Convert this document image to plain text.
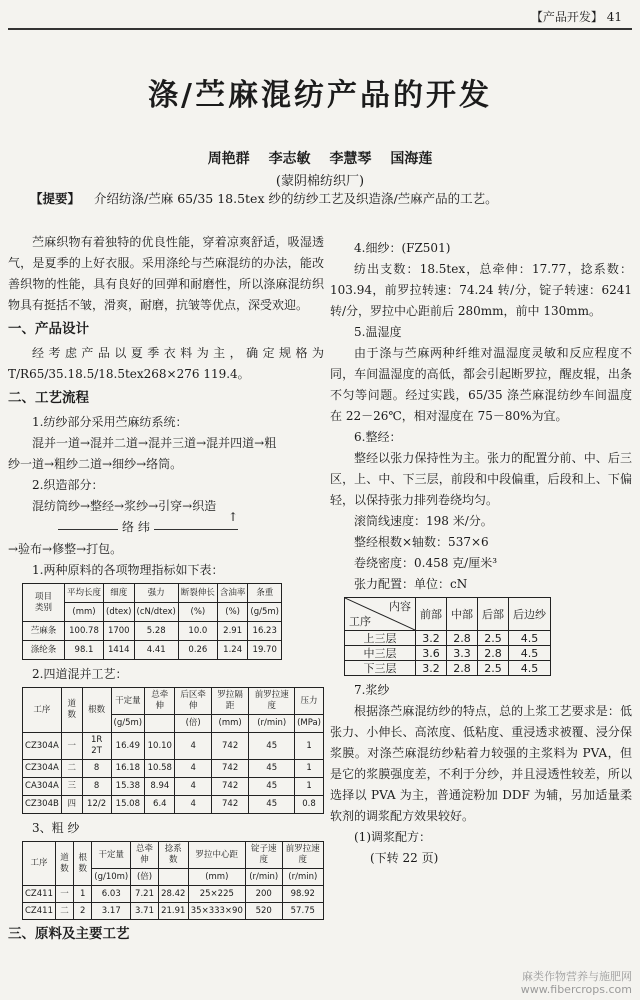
【产品开发】 41
涤/苎麻混纺产品的开发
周艳群 李志敏 李慧琴 国海莲
(蒙阴棉纺织厂)
【提要】 介绍纺涤/苎麻 65/35 18.5tex 纱的纺纱工艺及织造涤/苎麻产品的工艺。
苎麻织物有着独特的优良性能，穿着凉爽舒适，吸湿透气，是夏季的上好衣服。采用涤纶与苎麻混纺的办法，能改善织物的性能，具有良好的回弹和耐磨性，所以涤麻混纺织物具有挺括不皱，滑爽，耐磨，抗皱等优点，深受欢迎。
一、产品设计
经考虑产品以夏季衣料为主，确定规格为 T/R65/35.18.5/18.5tex268×276 119.4。
二、工艺流程
1.纺纱部分采用苎麻纺系统：
混并一道→混并二道→混并三道→混并四道→粗
纱一道→粗纱二道→细纱→络筒。
2.织造部分：
混纺筒纱→整经→浆纱→引穿→织造
络 纬
↑
→验布→修整→打包。
1.两种原料的各项物理指标如下表：
项目
类别	平均长度	细度	强力	断裂伸长	含油率	条重
	(mm)	(dtex)	(cN/dtex)	(%)	(%)	(g/5m)
苎麻条	100.78	1700	5.28	10.0	2.91	16.23
涤纶条	98.1	1414	4.41	0.26	1.24	19.70
2.四道混并工艺：
工序	道数	根数	干定量	总牵伸	后区牵伸	罗拉隔距	前罗拉速度	压力
			(g/5m)		(倍)	(mm)	(r/min)	(MPa)
CZ304A	一	1R 2T	16.49	10.10	4	742	45	1
CZ304A	二	8	16.18	10.58	4	742	45	1
CA304A	三	8	15.38	8.94	4	742	45	1
CZ304B	四	12/2	15.08	6.4	4	742	45	0.8
3、粗 纱
工序	道数	根数	干定量	总牵伸	捻系数	罗拉中心距	锭子速度	前罗拉速度
			(g/10m)	(倍)		(mm)	(r/min)	(r/min)
CZ411	一	1	6.03	7.21	28.42	25×225	200	98.92
CZ411	二	2	3.17	3.71	21.91	35×333×90	520	57.75
三、原料及主要工艺
4.细纱：(FZ501)
纺出支数：18.5tex，总牵伸：17.77，捻系数：103.94，前罗拉转速：74.24 转/分，锭子转速：6241 转/分，罗拉中心距前后 280mm，前中 130mm。
5.温湿度
由于涤与苎麻两种纤维对温湿度灵敏和反应程度不同，车间温湿度的高低，都会引起断罗拉，醒皮辊，出条不匀等问题。经过实践，65/35 涤苎麻混纺纱车间温度在 22－26℃，相对湿度在 75－80%为宜。
6.整经：
整经以张力保持性为主。张力的配置分前、中、后三区，上、中、下三层，前段和中段偏重，后段和上、下偏轻，以保持张力排列卷绕均匀。
滚筒线速度：198 米/分。
整经根数×轴数：537×6
卷绕密度：0.458 克/厘米³
张力配置：单位：cN
内容
工序	前部	中部	后部	后边纱
上三层	3.2	2.8	2.5	4.5
中三层	3.6	3.3	2.8	4.5
下三层	3.2	2.8	2.5	4.5
7.浆纱
根据涤苎麻混纺纱的特点，总的上浆工艺要求是：低张力、小伸长、高浓度、低粘度、重浸透求被覆、浸分保浆膜。对涤苎麻混纺纱粘着力较强的主浆料为 PVA，但是它的浆膜强度差，不利于分纱，并且浸透性较差，所以选择以 PVA 为主，普通淀粉加 DDF 为辅，另加适量柔软剂的调浆配方效果较好。
(1)调浆配方：
(下转 22 页)
麻类作物营养与施肥网
www.fibercrops.com
